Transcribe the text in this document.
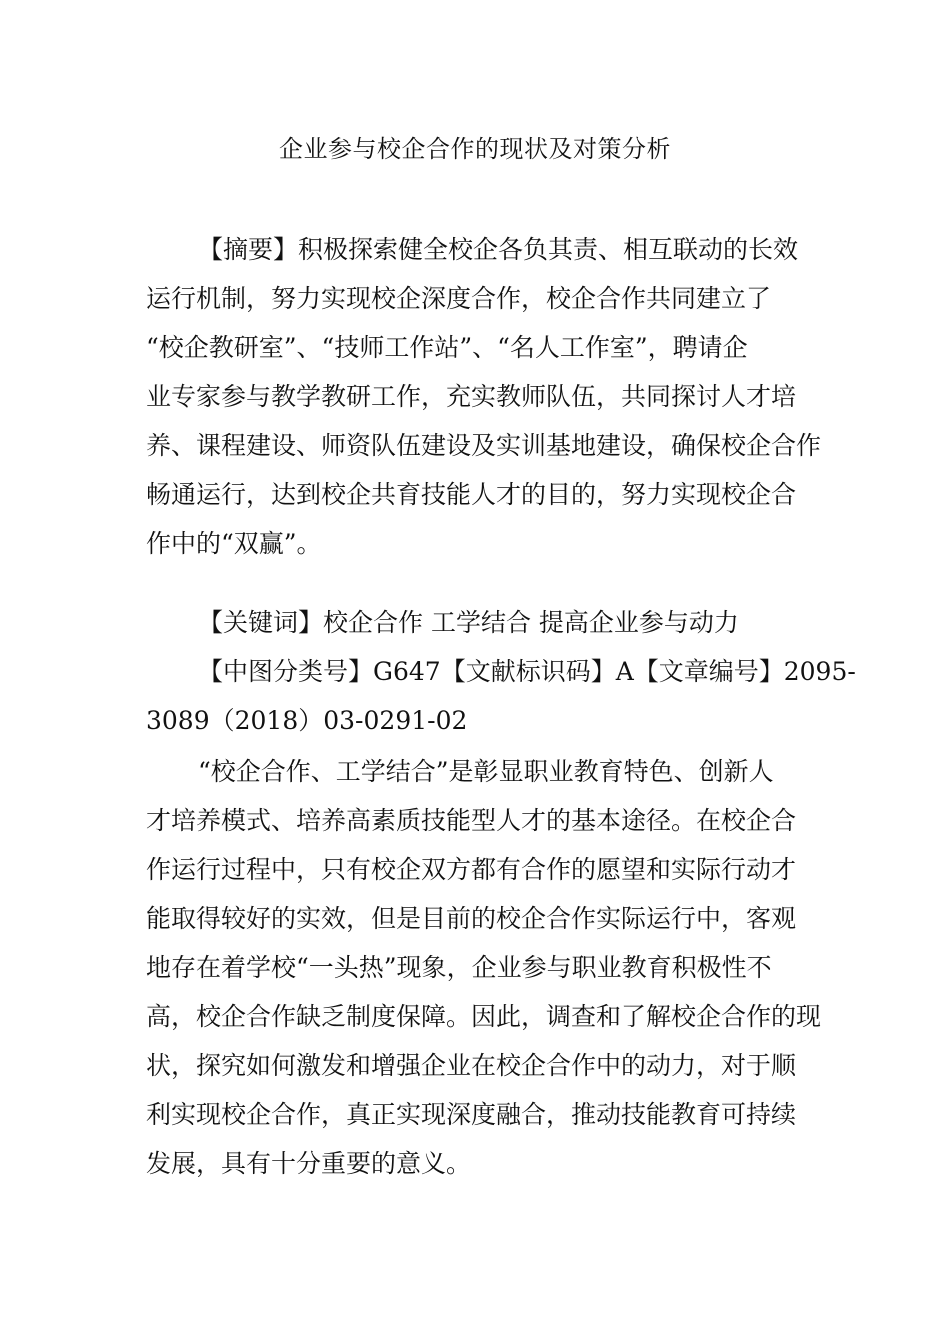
企业参与校企合作的现状及对策分析
【摘要】积极探索健全校企各负其责、相互联动的长效
运行机制，努力实现校企深度合作，校企合作共同建立了
“校企教研室”、“技师工作站”、“名人工作室”，聘请企
业专家参与教学教研工作，充实教师队伍，共同探讨人才培
养、课程建设、师资队伍建设及实训基地建设，确保校企合作
畅通运行，达到校企共育技能人才的目的，努力实现校企合
作中的“双赢”。
【关键词】校企合作 工学结合 提高企业参与动力
【中图分类号】G647【文献标识码】A【文章编号】2095-
3089（2018）03-0291-02
“校企合作、工学结合”是彰显职业教育特色、创新人
才培养模式、培养高素质技能型人才的基本途径。在校企合
作运行过程中，只有校企双方都有合作的愿望和实际行动才
能取得较好的实效，但是目前的校企合作实际运行中，客观
地存在着学校“一头热”现象，企业参与职业教育积极性不
高，校企合作缺乏制度保障。因此，调查和了解校企合作的现
状，探究如何激发和增强企业在校企合作中的动力，对于顺
利实现校企合作，真正实现深度融合，推动技能教育可持续
发展，具有十分重要的意义。
